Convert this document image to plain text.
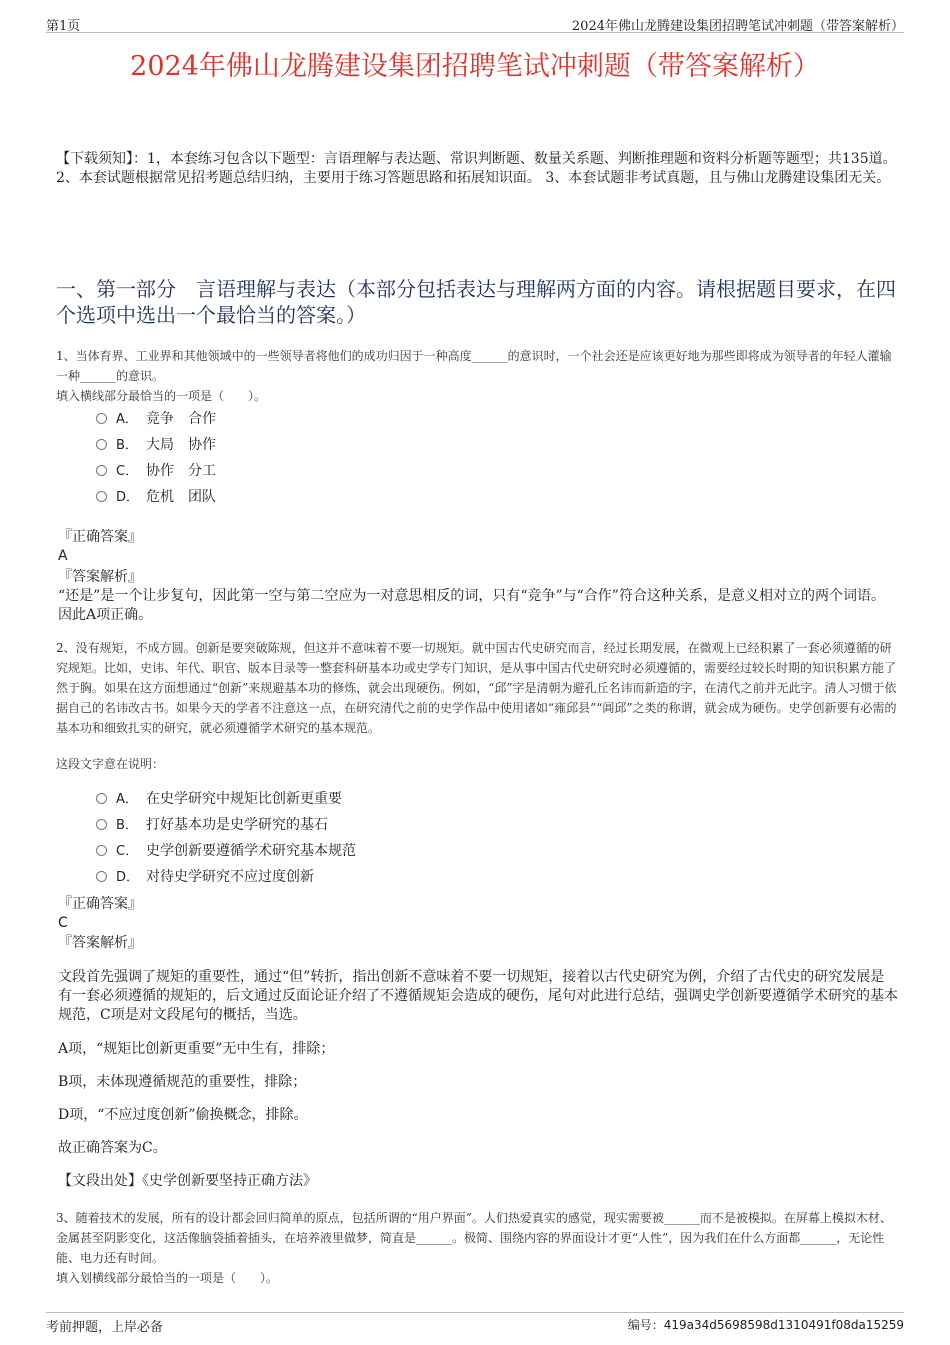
第1页	2024年佛山龙腾建设集团招聘笔试冲刺题（带答案解析）
2024年佛山龙腾建设集团招聘笔试冲刺题（带答案解析）
【下载须知】：1，本套练习包含以下题型：言语理解与表达题、常识判断题、数量关系题、判断推理题和资料分析题等题型；共135道。 2、本套试题根据常见招考题总结归纳，主要用于练习答题思路和拓展知识面。 3、本套试题非考试真题，且与佛山龙腾建设集团无关。
一、第一部分　言语理解与表达（本部分包括表达与理解两方面的内容。请根据题目要求，在四个选项中选出一个最恰当的答案。）
1、当体育界、工业界和其他领域中的一些领导者将他们的成功归因于一种高度______的意识时，一个社会还是应该更好地为那些即将成为领导者的年轻人灌输一种______的意识。
填入横线部分最恰当的一项是（　　）。
A． 竞争　合作
B． 大局　协作
C． 协作　分工
D． 危机　团队
『正确答案』
A
『答案解析』
“还是”是一个让步复句，因此第一空与第二空应为一对意思相反的词，只有“竞争”与“合作”符合这种关系，是意义相对立的两个词语。因此A项正确。
2、没有规矩，不成方圆。创新是要突破陈规，但这并不意味着不要一切规矩。就中国古代史研究而言，经过长期发展，在微观上已经积累了一套必须遵循的研究规矩。比如，史讳、年代、职官、版本目录等一整套科研基本功或史学专门知识，是从事中国古代史研究时必须遵循的，需要经过较长时期的知识积累方能了然于胸。如果在这方面想通过“创新”来规避基本功的修炼，就会出现硬伤。例如，“邱”字是清朝为避孔丘名讳而新造的字，在清代之前并无此字。清人习惯于依据自己的名讳改古书。如果今天的学者不注意这一点，在研究清代之前的史学作品中使用诸如“雍邱县”“阊邱”之类的称谓，就会成为硬伤。史学创新要有必需的基本功和细致扎实的研究，就必须遵循学术研究的基本规范。
这段文字意在说明：
A． 在史学研究中规矩比创新更重要
B． 打好基本功是史学研究的基石
C． 史学创新要遵循学术研究基本规范
D． 对待史学研究不应过度创新
『正确答案』
C
『答案解析』
文段首先强调了规矩的重要性，通过“但”转折，指出创新不意味着不要一切规矩，接着以古代史研究为例，介绍了古代史的研究发展是有一套必须遵循的规矩的，后文通过反面论证介绍了不遵循规矩会造成的硬伤，尾句对此进行总结，强调史学创新要遵循学术研究的基本规范，C项是对文段尾句的概括，当选。
A项，“规矩比创新更重要”无中生有，排除；
B项，未体现遵循规范的重要性，排除；
D项，“不应过度创新”偷换概念，排除。
故正确答案为C。
【文段出处】《史学创新要坚持正确方法》
3、随着技术的发展，所有的设计都会回归简单的原点，包括所谓的“用户界面”。人们热爱真实的感觉，现实需要被______而不是被模拟。在屏幕上模拟木材、金属甚至阴影变化，这活像脑袋插着插头，在培养液里做梦，简直是______。极简、围绕内容的界面设计才更“人性”，因为我们在什么方面都______，无论性能、电力还有时间。
填入划横线部分最恰当的一项是（　　）。
考前押题，上岸必备	编号：419a34d5698598d1310491f08da15259
